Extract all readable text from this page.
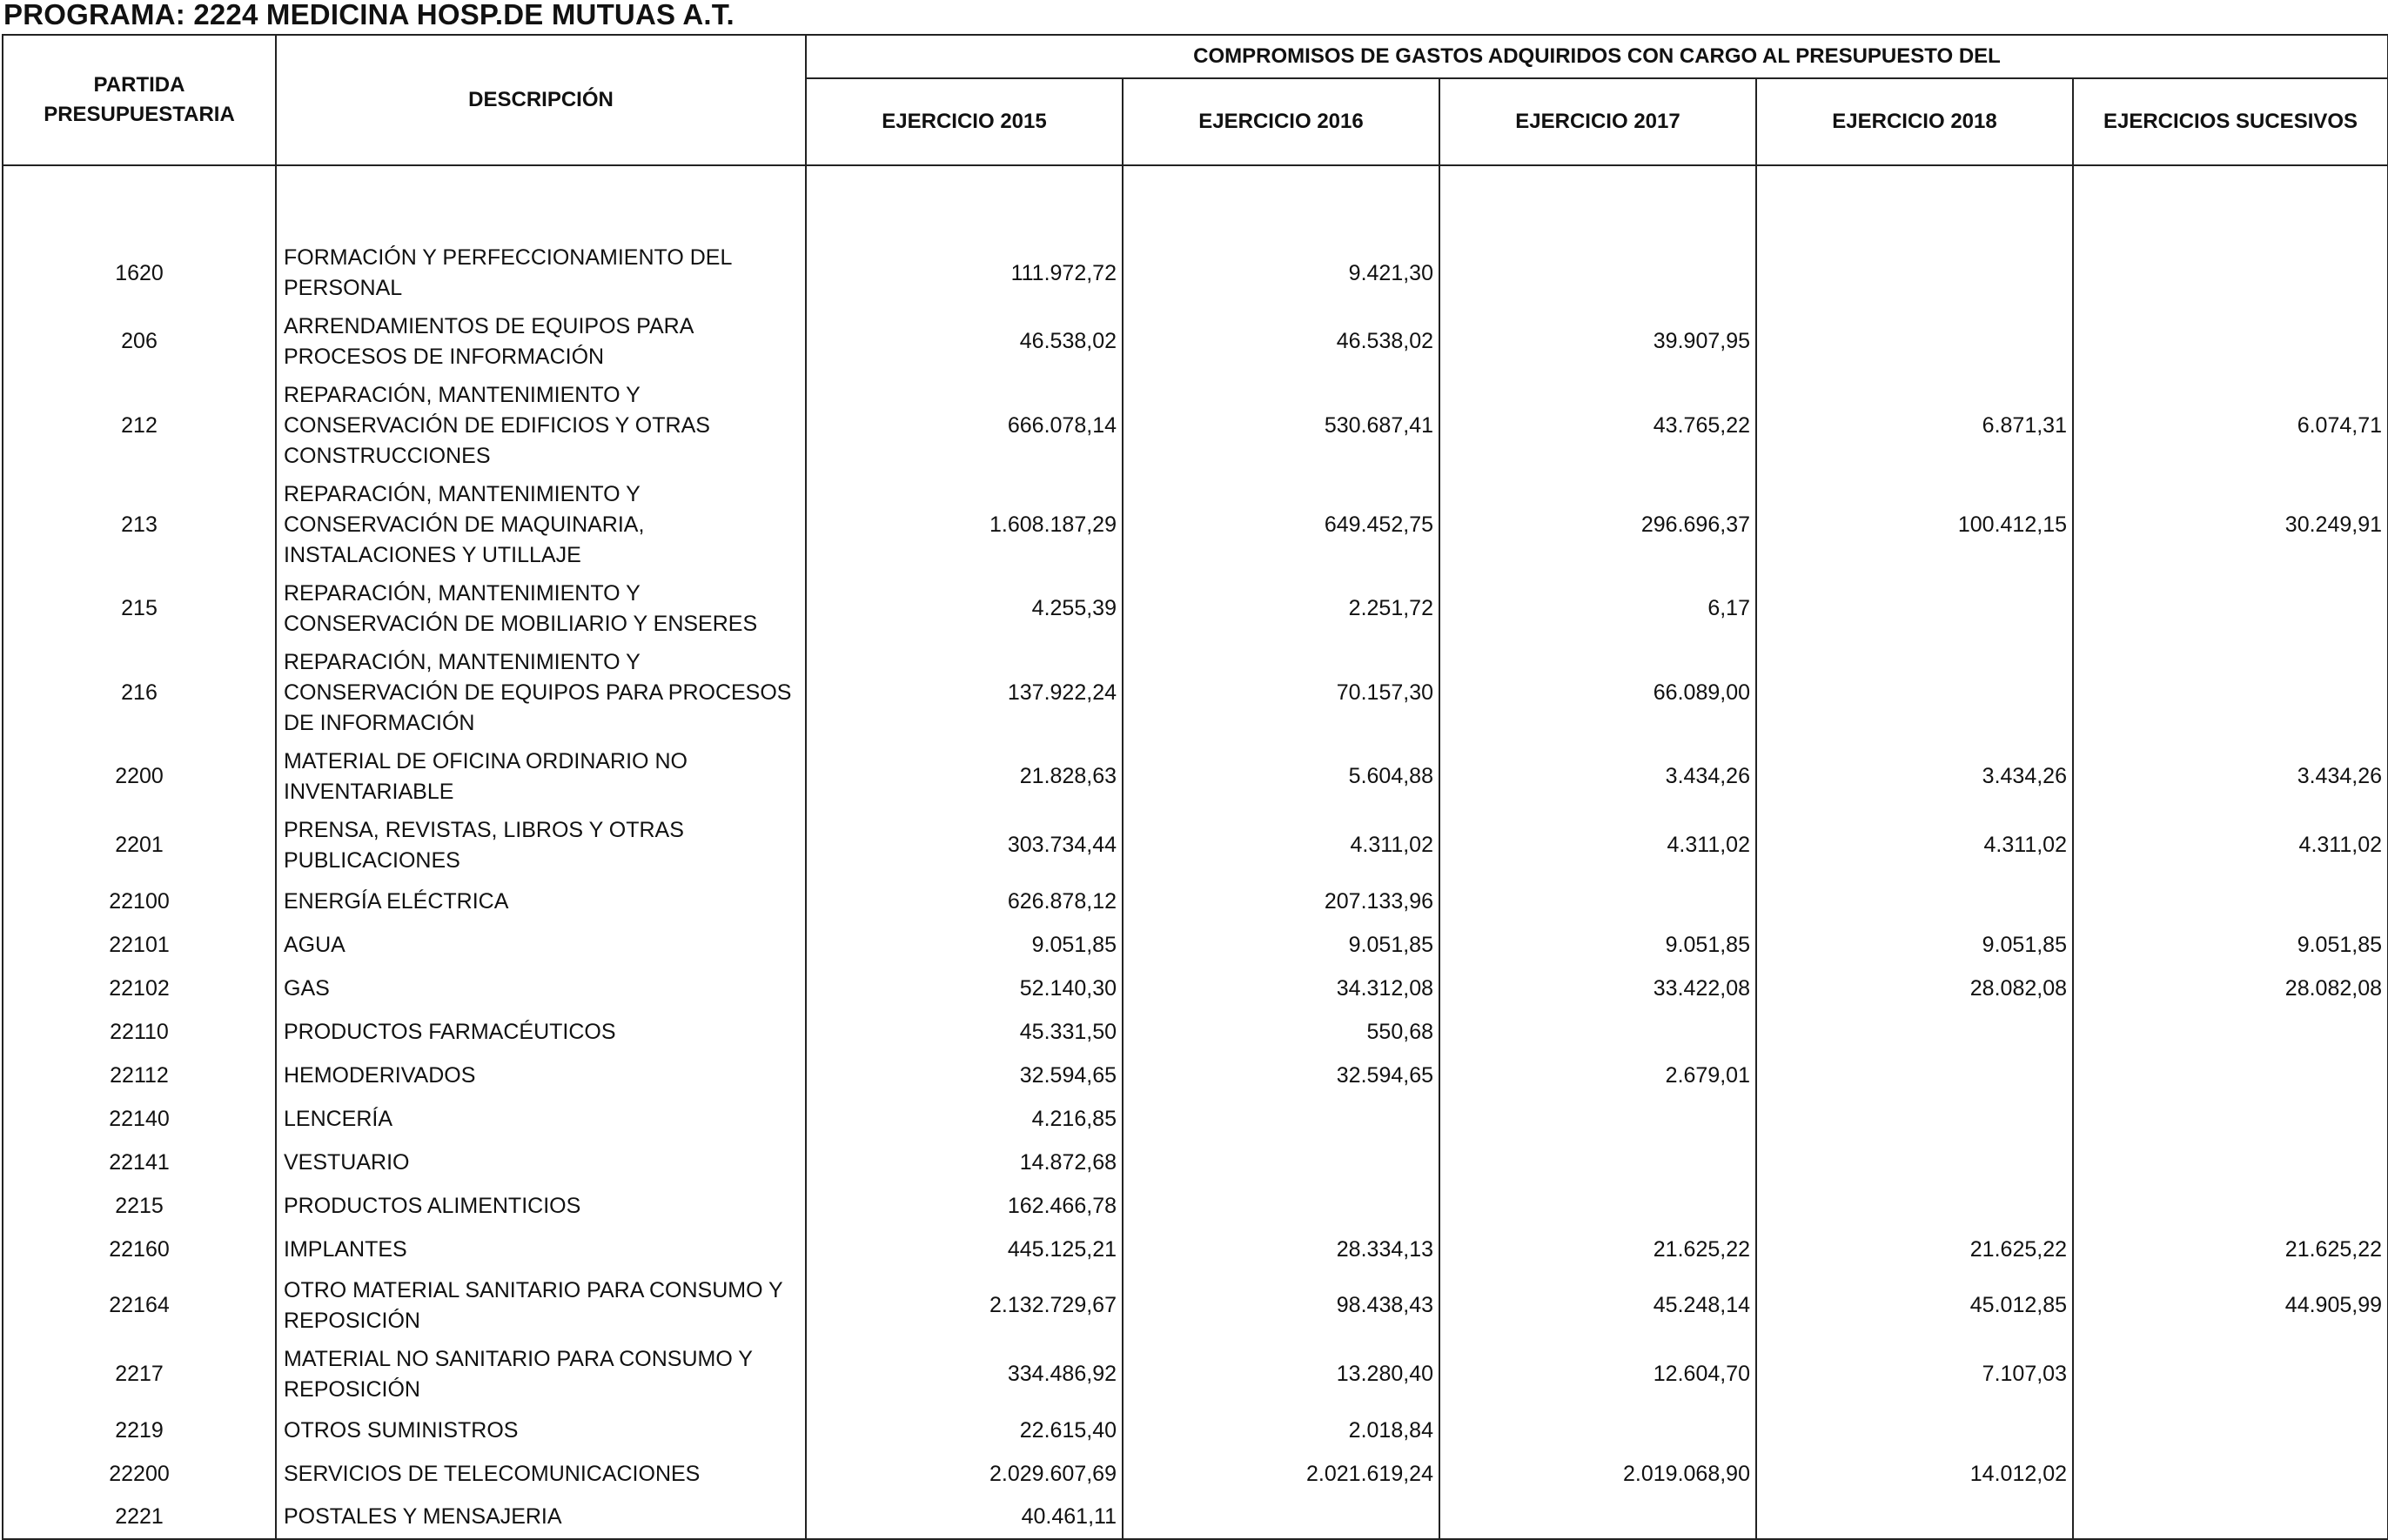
PROGRAMA: 2224 MEDICINA HOSP.DE MUTUAS A.T.
PARTIDA
PRESUPUESTARIA	DESCRIPCIÓN	COMPROMISOS DE GASTOS ADQUIRIDOS CON CARGO AL PRESUPUESTO DEL				
		EJERCICIO 2015	EJERCICIO 2016	EJERCICIO 2017	EJERCICIO 2018	EJERCICIOS SUCESIVOS

1620	FORMACIÓN Y PERFECCIONAMIENTO DEL PERSONAL	111.972,72	9.421,30			
206	ARRENDAMIENTOS DE EQUIPOS PARA PROCESOS DE INFORMACIÓN	46.538,02	46.538,02	39.907,95		
212	REPARACIÓN, MANTENIMIENTO Y CONSERVACIÓN DE EDIFICIOS Y OTRAS CONSTRUCCIONES	666.078,14	530.687,41	43.765,22	6.871,31	6.074,71
213	REPARACIÓN, MANTENIMIENTO Y CONSERVACIÓN DE MAQUINARIA, INSTALACIONES Y UTILLAJE	1.608.187,29	649.452,75	296.696,37	100.412,15	30.249,91
215	REPARACIÓN, MANTENIMIENTO Y CONSERVACIÓN DE MOBILIARIO Y ENSERES	4.255,39	2.251,72	6,17		
216	REPARACIÓN, MANTENIMIENTO Y CONSERVACIÓN DE EQUIPOS PARA PROCESOS DE INFORMACIÓN	137.922,24	70.157,30	66.089,00		
2200	MATERIAL DE OFICINA ORDINARIO NO INVENTARIABLE	21.828,63	5.604,88	3.434,26	3.434,26	3.434,26
2201	PRENSA, REVISTAS, LIBROS Y OTRAS PUBLICACIONES	303.734,44	4.311,02	4.311,02	4.311,02	4.311,02
22100	ENERGÍA ELÉCTRICA	626.878,12	207.133,96			
22101	AGUA	9.051,85	9.051,85	9.051,85	9.051,85	9.051,85
22102	GAS	52.140,30	34.312,08	33.422,08	28.082,08	28.082,08
22110	PRODUCTOS FARMACÉUTICOS	45.331,50	550,68			
22112	HEMODERIVADOS	32.594,65	32.594,65	2.679,01		
22140	LENCERÍA	4.216,85				
22141	VESTUARIO	14.872,68				
2215	PRODUCTOS ALIMENTICIOS	162.466,78				
22160	IMPLANTES	445.125,21	28.334,13	21.625,22	21.625,22	21.625,22
22164	OTRO MATERIAL SANITARIO PARA CONSUMO Y REPOSICIÓN	2.132.729,67	98.438,43	45.248,14	45.012,85	44.905,99
2217	MATERIAL NO SANITARIO PARA CONSUMO Y REPOSICIÓN	334.486,92	13.280,40	12.604,70	7.107,03	
2219	OTROS SUMINISTROS	22.615,40	2.018,84			
22200	SERVICIOS DE TELECOMUNICACIONES	2.029.607,69	2.021.619,24	2.019.068,90	14.012,02	
2221	POSTALES Y MENSAJERIA	40.461,11				
